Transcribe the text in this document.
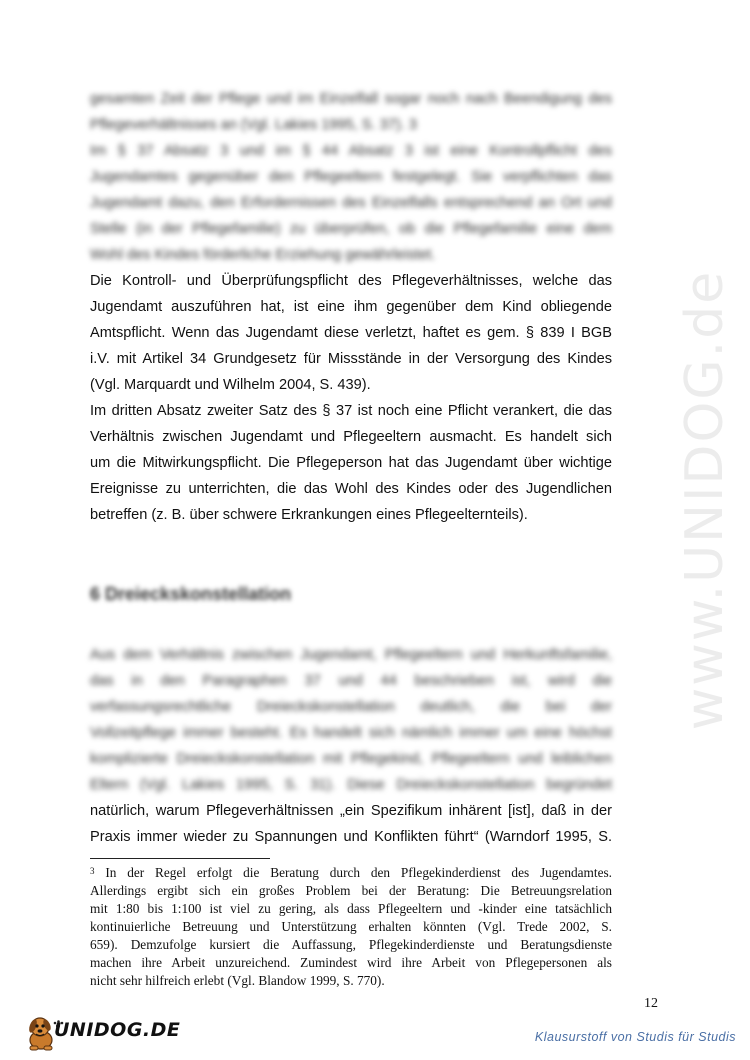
www.UNIDOG.de
gesamten Zeit der Pflege und im Einzelfall sogar noch nach Beendigung des
Pflegeverhältnisses an (Vgl. Lakies 1995, S. 37). 3
Im § 37 Absatz 3 und im § 44 Absatz 3 ist eine Kontrollpflicht des
Jugendamtes gegenüber den Pflegeeltern festgelegt. Sie verpflichten das
Jugendamt dazu, den Erfordernissen des Einzelfalls entsprechend an Ort und
Stelle (in der Pflegefamilie) zu überprüfen, ob die Pflegefamilie eine dem
Wohl des Kindes förderliche Erziehung gewährleistet.
Die Kontroll- und Überprüfungspflicht des Pflegeverhältnisses, welche das
Jugendamt auszuführen hat, ist eine ihm gegenüber dem Kind obliegende
Amtspflicht. Wenn das Jugendamt diese verletzt, haftet es gem. § 839 I BGB
i.V. mit Artikel 34 Grundgesetz für Missstände in der Versorgung des Kindes
(Vgl. Marquardt und Wilhelm 2004, S. 439).
Im dritten Absatz zweiter Satz des § 37 ist noch eine Pflicht verankert, die das
Verhältnis zwischen Jugendamt und Pflegeeltern ausmacht. Es handelt sich
um die Mitwirkungspflicht. Die Pflegeperson hat das Jugendamt über wichtige
Ereignisse zu unterrichten, die das Wohl des Kindes oder des Jugendlichen
betreffen (z. B. über schwere Erkrankungen eines Pflegeelternteils).
6 Dreieckskonstellation
Aus dem Verhältnis zwischen Jugendamt, Pflegeeltern und Herkunftsfamilie,
das in den Paragraphen 37 und 44 beschrieben ist, wird die
verfassungsrechtliche Dreieckskonstellation deutlich, die bei der
Vollzeitpflege immer besteht. Es handelt sich nämlich immer um eine höchst
komplizierte Dreieckskonstellation mit Pflegekind, Pflegeeltern und leiblichen
Eltern (Vgl. Lakies 1995, S. 31). Diese Dreieckskonstellation begründet
natürlich, warum Pflegeverhältnissen „ein Spezifikum inhärent [ist], daß in der
Praxis immer wieder zu Spannungen und Konflikten führt“ (Warndorf 1995, S.
$^3$ In der Regel erfolgt die Beratung durch den Pflegekinderdienst des Jugendamtes.
Allerdings ergibt sich ein großes Problem bei der Beratung: Die Betreuungsrelation
mit 1:80 bis 1:100 ist viel zu gering, als dass Pflegeeltern und -kinder eine tatsächlich
kontinuierliche Betreuung und Unterstützung erhalten könnten (Vgl. Trede 2002, S.
659). Demzufolge kursiert die Auffassung, Pflegekinderdienste und Beratungsdienste
machen ihre Arbeit unzureichend. Zumindest wird ihre Arbeit von Pflegepersonen als
nicht sehr hilfreich erlebt (Vgl. Blandow 1999, S. 770).
12
UNIDOG.DE	Klausurstoff von Studis für Studis
